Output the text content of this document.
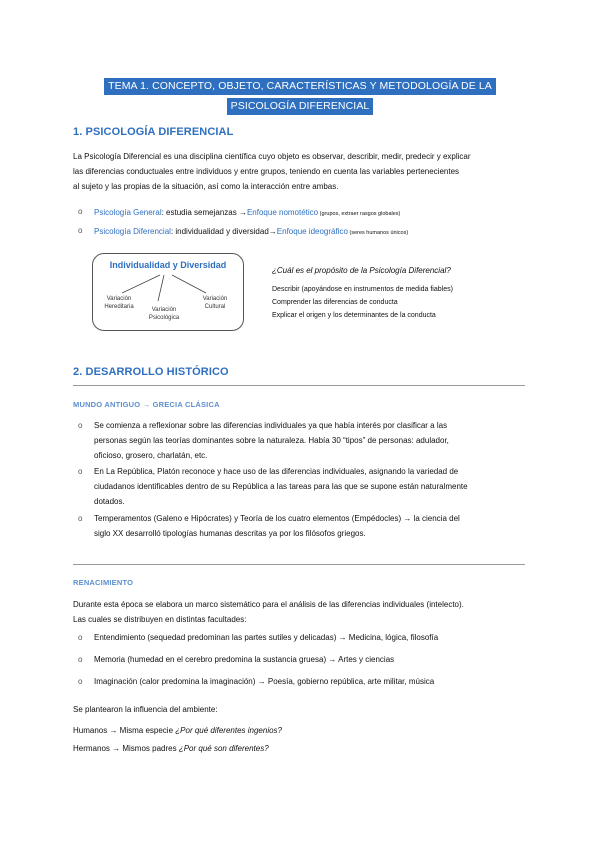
TEMA 1. CONCEPTO, OBJETO, CARACTERÍSTICAS Y METODOLOGÍA DE LA
PSICOLOGÍA DIFERENCIAL
1. PSICOLOGÍA DIFERENCIAL
La Psicología Diferencial es una disciplina científica cuyo objeto es observar, describir, medir, predecir y explicar
las diferencias conductuales entre individuos y entre grupos, teniendo en cuenta las variables pertenecientes
al sujeto y las propias de la situación, así como la interacción entre ambas.
o Psicología General: estudia semejanzas →Enfoque nomotético (grupos, extraer rasgos globales)
o Psicología Diferencial: individualidad y diversidad→Enfoque ideográfico (seres humanos únicos)
Individualidad y Diversidad
Variación
Hereditaria	Variación
Psicológica
Variación
Cultural
¿Cuál es el propósito de la Psicología Diferencial?
Describir (apoyándose en instrumentos de medida fiables)
Comprender las diferencias de conducta
Explicar el origen y los determinantes de la conducta
2. DESARROLLO HISTÓRICO
MUNDO ANTIGUO → GRECIA CLÁSICA
o Se comienza a reflexionar sobre las diferencias individuales ya que había interés por clasificar a las
personas según las teorías dominantes sobre la naturaleza. Había 30 “tipos” de personas: adulador,
oficioso, grosero, charlatán, etc.
o En La República, Platón reconoce y hace uso de las diferencias individuales, asignando la variedad de
ciudadanos identificables dentro de su República a las tareas para las que se supone están naturalmente
dotados.
o Temperamentos (Galeno e Hipócrates) y Teoría de los cuatro elementos (Empédocles) → la ciencia del
siglo XX desarrolló tipologías humanas descritas ya por los filósofos griegos.
RENACIMIENTO
Durante esta época se elabora un marco sistemático para el análisis de las diferencias individuales (intelecto).
Las cuales se distribuyen en distintas facultades:
o Entendimiento (sequedad predominan las partes sutiles y delicadas) → Medicina, lógica, filosofía
o Memoria (humedad en el cerebro predomina la sustancia gruesa) → Artes y ciencias
o Imaginación (calor predomina la imaginación) → Poesía, gobierno república, arte militar, música
Se plantearon la influencia del ambiente:
Humanos → Misma especie ¿Por qué diferentes ingenios?
Hermanos → Mismos padres ¿Por qué son diferentes?
